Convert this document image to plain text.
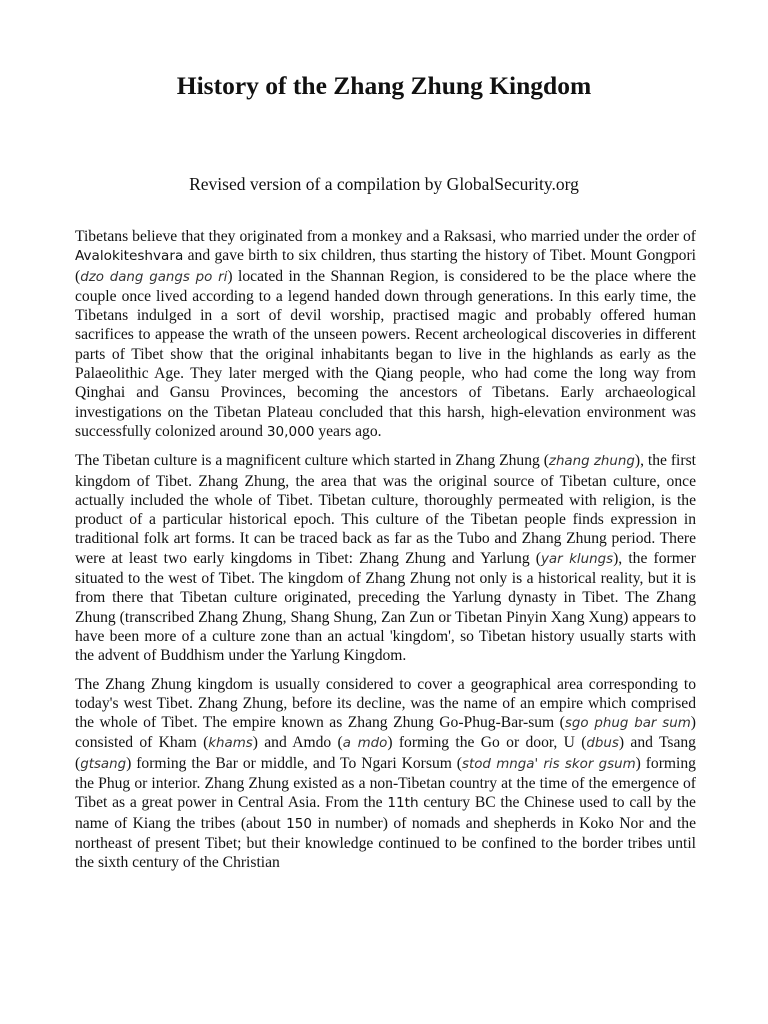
History of the Zhang Zhung Kingdom
Revised version of a compilation by GlobalSecurity.org

Tibetans believe that they originated from a monkey and a Raksasi, who married under the order of Avalokiteshvara and gave birth to six children, thus starting the history of Tibet. Mount Gongpori (dzo dang gangs po ri) located in the Shannan Region, is considered to be the place where the couple once lived according to a legend handed down through generations. In this early time, the Tibetans indulged in a sort of devil worship, practised magic and probably offered human sacrifices to appease the wrath of the unseen powers. Recent archeological discoveries in different parts of Tibet show that the original inhabitants began to live in the highlands as early as the Palaeolithic Age. They later merged with the Qiang people, who had come the long way from Qinghai and Gansu Provinces, becoming the ancestors of Tibetans. Early archaeological investigations on the Tibetan Plateau concluded that this harsh, high-elevation environment was successfully colonized around 30,000 years ago.

The Tibetan culture is a magnificent culture which started in Zhang Zhung (zhang zhung), the first kingdom of Tibet. Zhang Zhung, the area that was the original source of Tibetan culture, once actually included the whole of Tibet. Tibetan culture, thoroughly permeated with religion, is the product of a particular historical epoch. This culture of the Tibetan people finds expression in traditional folk art forms. It can be traced back as far as the Tubo and Zhang Zhung period. There were at least two early kingdoms in Tibet: Zhang Zhung and Yarlung (yar klungs), the former situated to the west of Tibet. The kingdom of Zhang Zhung not only is a historical reality, but it is from there that Tibetan culture originated, preceding the Yarlung dynasty in Tibet. The Zhang Zhung (transcribed Zhang Zhung, Shang Shung, Zan Zun or Tibetan Pinyin Xang Xung) appears to have been more of a culture zone than an actual 'kingdom', so Tibetan history usually starts with the advent of Buddhism under the Yarlung Kingdom.

The Zhang Zhung kingdom is usually considered to cover a geographical area corresponding to today's west Tibet. Zhang Zhung, before its decline, was the name of an empire which comprised the whole of Tibet. The empire known as Zhang Zhung Go-Phug-Bar-sum (sgo phug bar sum) consisted of Kham (khams) and Amdo (a mdo) forming the Go or door, U (dbus) and Tsang (gtsang) forming the Bar or middle, and To Ngari Korsum (stod mnga' ris skor gsum) forming the Phug or interior. Zhang Zhung existed as a non-Tibetan country at the time of the emergence of Tibet as a great power in Central Asia. From the 11th century BC the Chinese used to call by the name of Kiang the tribes (about 150 in number) of nomads and shepherds in Koko Nor and the northeast of present Tibet; but their knowledge continued to be confined to the border tribes until the sixth century of the Christian
